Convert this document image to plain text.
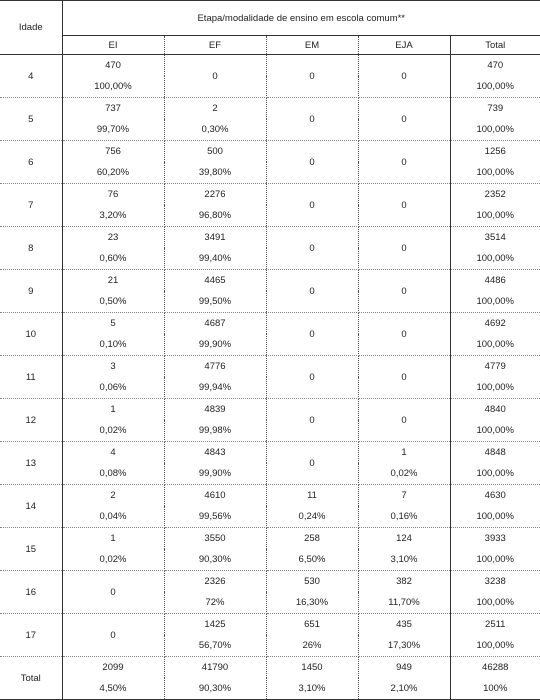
Idade	Etapa/modalidade de ensino em escola comum**				
	EI	EF	EM	EJA	Total
4	470	0	0	0	470
	100,00%				100,00%
5	737	2	0	0	739
	99,70%	0,30%			100,00%
6	756	500	0	0	1256
	60,20%	39,80%			100,00%
7	76	2276	0	0	2352
	3,20%	96,80%			100,00%
8	23	3491	0	0	3514
	0,60%	99,40%			100,00%
9	21	4465	0	0	4486
	0,50%	99,50%			100,00%
10	5	4687	0	0	4692
	0,10%	99,90%			100,00%
11	3	4776	0	0	4779
	0,06%	99,94%			100,00%
12	1	4839	0	0	4840
	0,02%	99,98%			100,00%
13	4	4843	0	1	4848
	0,08%	99,90%		0,02%	100,00%
14	2	4610	11	7	4630
	0,04%	99,56%	0,24%	0,16%	100,00%
15	1	3550	258	124	3933
	0,02%	90,30%	6,50%	3,10%	100,00%
16	0	2326	530	382	3238
		72%	16,30%	11,70%	100,00%
17	0	1425	651	435	2511
		56,70%	26%	17,30%	100,00%
Total	2099	41790	1450	949	46288
	4,50%	90,30%	3,10%	2,10%	100%
